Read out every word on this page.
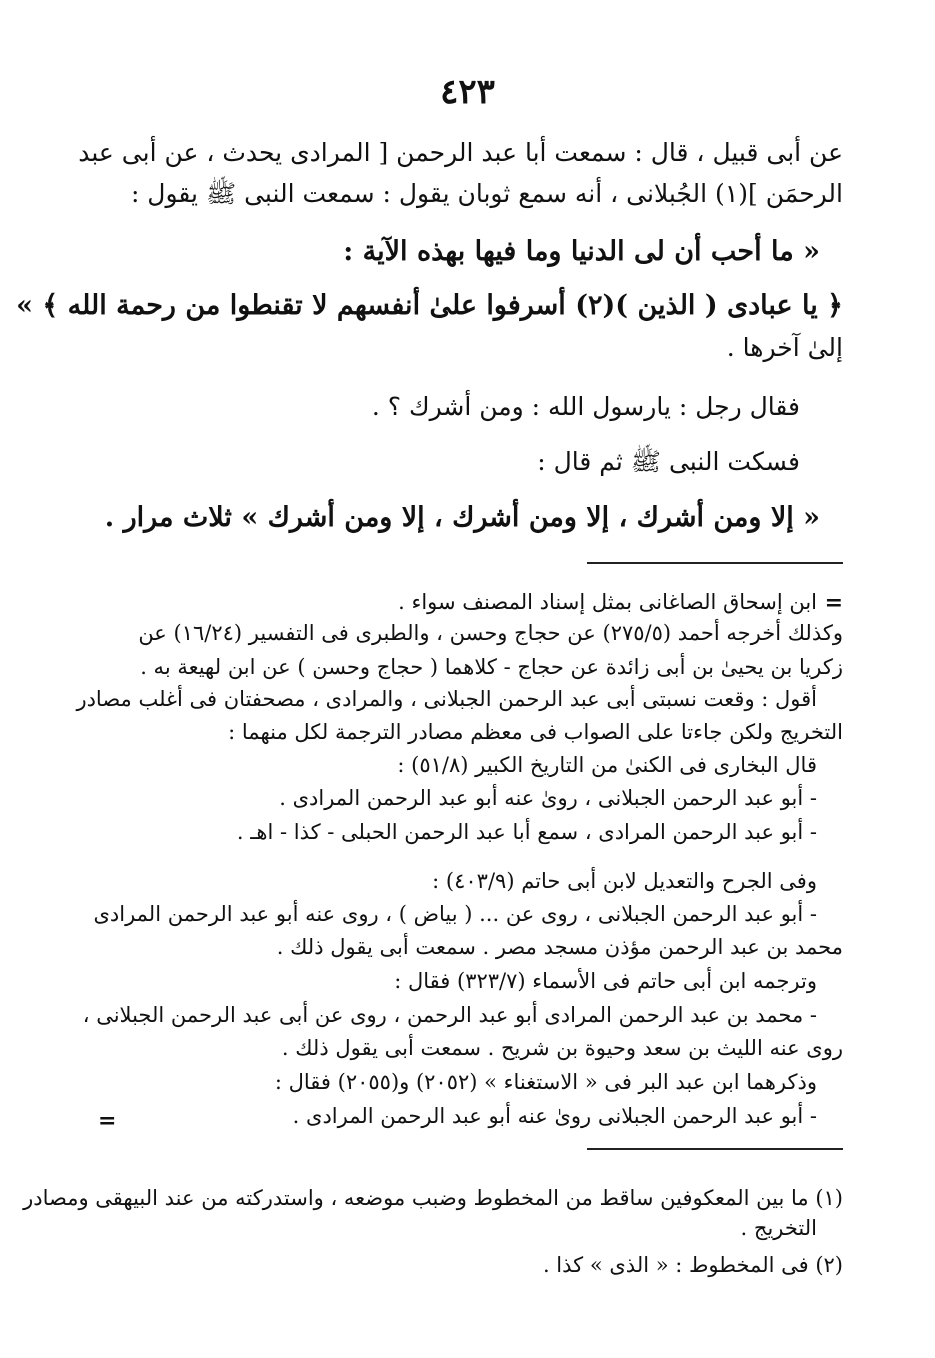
٤٢٣
عن أبى قبيل ، قال : سمعت أبا عبد الرحمن [ المرادى يحدث ، عن أبى عبد
الرحمَن ](١) الجُبلانى ، أنه سمع ثوبان يقول : سمعت النبى ﷺ يقول :
« ما أحب أن لى الدنيا وما فيها بهذه الآية :
﴿ يا عبادى ( الذين )(٢) أسرفوا علىٰ أنفسهم لا تقنطوا من رحمة الله ﴾ »
إلىٰ آخرها .
فقال رجل : يارسول الله : ومن أشرك ؟ .
فسكت النبى ﷺ ثم قال :
« إلا ومن أشرك ، إلا ومن أشرك ، إلا ومن أشرك » ثلاث مرار .
=
ابن إسحاق الصاغانى بمثل إسناد المصنف سواء .
وكذلك أخرجه أحمد (٢٧٥/٥) عن حجاج وحسن ، والطبرى فى التفسير (١٦/٢٤) عن
زكريا بن يحيىٰ بن أبى زائدة عن حجاج - كلاهما ( حجاج وحسن ) عن ابن لهيعة به .
أقول : وقعت نسبتى أبى عبد الرحمن الجبلانى ، والمرادى ، مصحفتان فى أغلب مصادر
التخريج ولكن جاءتا على الصواب فى معظم مصادر الترجمة لكل منهما :
قال البخارى فى الكنىٰ من التاريخ الكبير (٥١/٨) :
- أبو عبد الرحمن الجبلانى ، روىٰ عنه أبو عبد الرحمن المرادى .
- أبو عبد الرحمن المرادى ، سمع أبا عبد الرحمن الحبلى - كذا - اهـ .
وفى الجرح والتعديل لابن أبى حاتم (٤٠٣/٩) :
- أبو عبد الرحمن الجبلانى ، روى عن ... ( بياض ) ، روى عنه أبو عبد الرحمن المرادى
محمد بن عبد الرحمن مؤذن مسجد مصر . سمعت أبى يقول ذلك .
وترجمه ابن أبى حاتم فى الأسماء (٣٢٣/٧) فقال :
- محمد بن عبد الرحمن المرادى أبو عبد الرحمن ، روى عن أبى عبد الرحمن الجبلانى ،
روى عنه الليث بن سعد وحيوة بن شريح . سمعت أبى يقول ذلك .
وذكرهما ابن عبد البر فى « الاستغناء » (٢٠٥٢) و(٢٠٥٥) فقال :
- أبو عبد الرحمن الجبلانى روىٰ عنه أبو عبد الرحمن المرادى .
=
(١) ما بين المعكوفين ساقط من المخطوط وضبب موضعه ، واستدركته من عند البيهقى ومصادر
التخريج .
(٢) فى المخطوط : « الذى » كذا .
